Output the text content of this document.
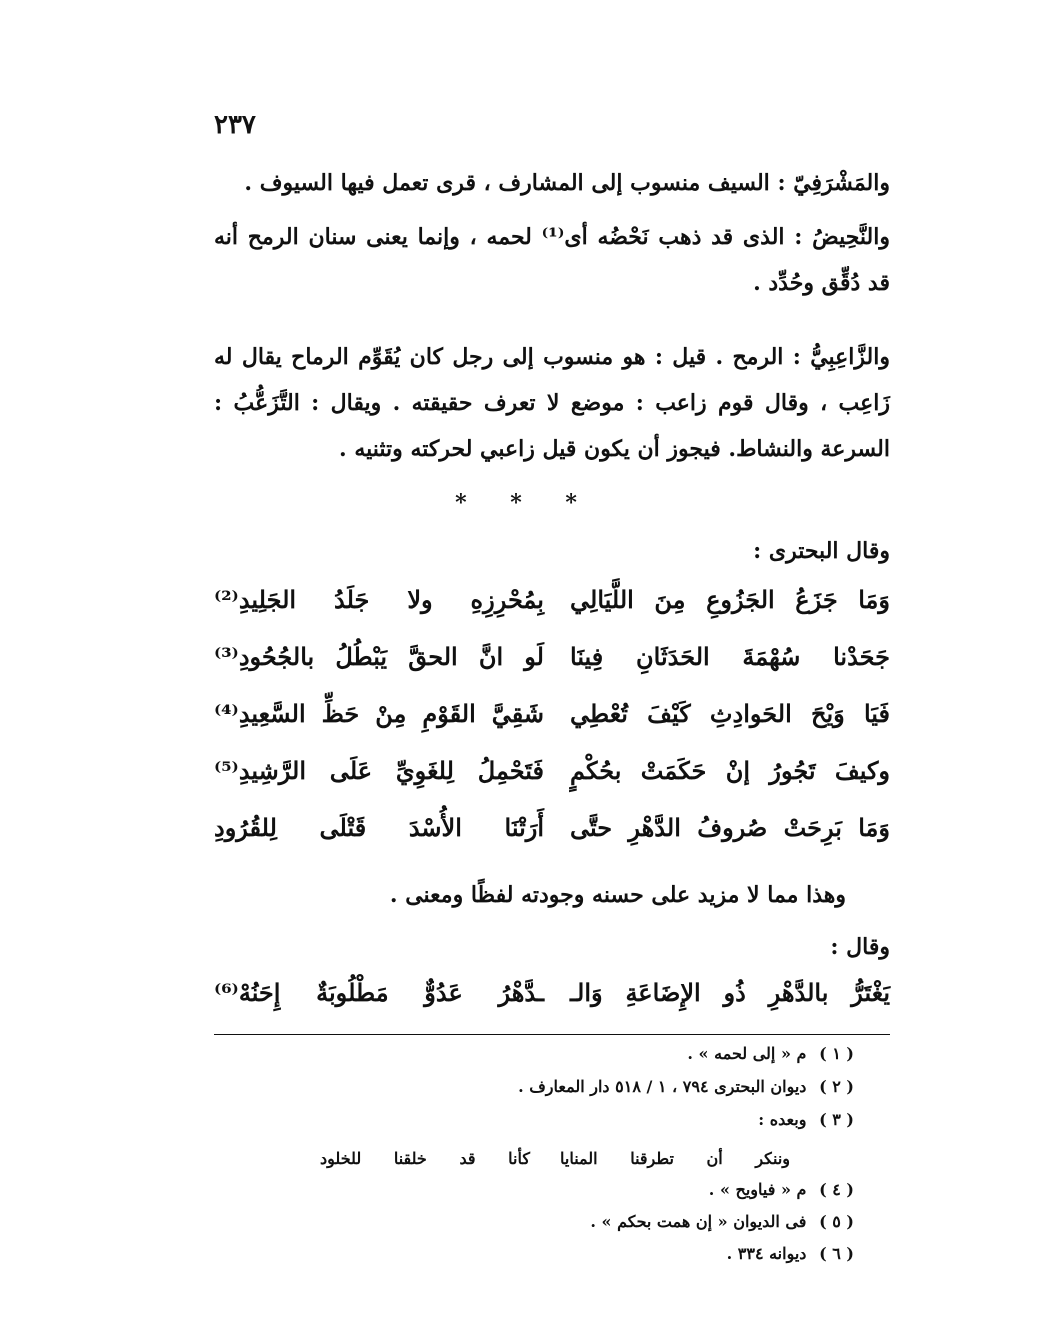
٢٣٧
والمَشْرَفِيّ : السيف منسوب إلى المشارف ، قرى تعمل فيها السيوف .
والنَّحِيضُ : الذى قد ذهب نَحْضُه أى⁽¹⁾ لحمه ، وإنما يعنى سنان الرمح أنه قد دُقِّق وحُدِّد .
والزَّاعِبِيُّ : الرمح . قيل : هو منسوب إلى رجل كان يُقَوِّم الرماح يقال له زَاعِب ، وقال قوم زاعب : موضع لا تعرف حقيقته . ويقال : التَّزَعُّبُ : السرعة والنشاط. فيجوز أن يكون قيل زاعبي لحركته وتثنيه .
* * *
وقال البحترى :
وَمَا جَزَعُ الجَزُوعِ مِنَ اللَّيَالِي
بِمُحْرِزِهِ ولا جَلَدُ الجَلِيدِ⁽²⁾
جَحَدْنا سُهْمَةَ الحَدَثَانِ فِينَا
لَو انَّ الحقَّ يَبْطُلُ بالجُحُودِ⁽³⁾
فَيَا وَيْحَ الحَوادِثِ كَيْفَ تُعْطِي
شَقِيَّ القَوْمِ مِنْ حَظِّ السَّعِيدِ⁽⁴⁾
وكيفَ تَجُورُ إنْ حَكَمَتْ بحُكْمٍ
فَتَحْمِلُ لِلغَوِيِّ عَلَى الرَّشِيدِ⁽⁵⁾
وَمَا بَرِحَتْ صُروفُ الدَّهْرِ حتَّى
أَرَتْنَا الأُسْدَ قَتْلَى لِلقُرُودِ
وهذا مما لا مزيد على حسنه وجودته لفظًا ومعنى .
وقال :
يَغْتَرُّ بالدَّهْرِ ذُو الإِضَاعَةِ وَالـ
ـدَّهْرُ عَدُوٌّ مَطْلُوبَةٌ إِحَنُهْ⁽⁶⁾
( ١ ) م « إلى لحمه » .
( ٢ ) ديوان البحترى ٧٩٤ ، ١ / ٥١٨ دار المعارف .
( ٣ ) وبعده :
وننكر أن تطرقنا المنايا
كأنا قد خلقنا للخلود
( ٤ ) م « فياويح » .
( ٥ ) فى الديوان « إن همت بحكم » .
( ٦ ) ديوانه ٣٣٤ .
